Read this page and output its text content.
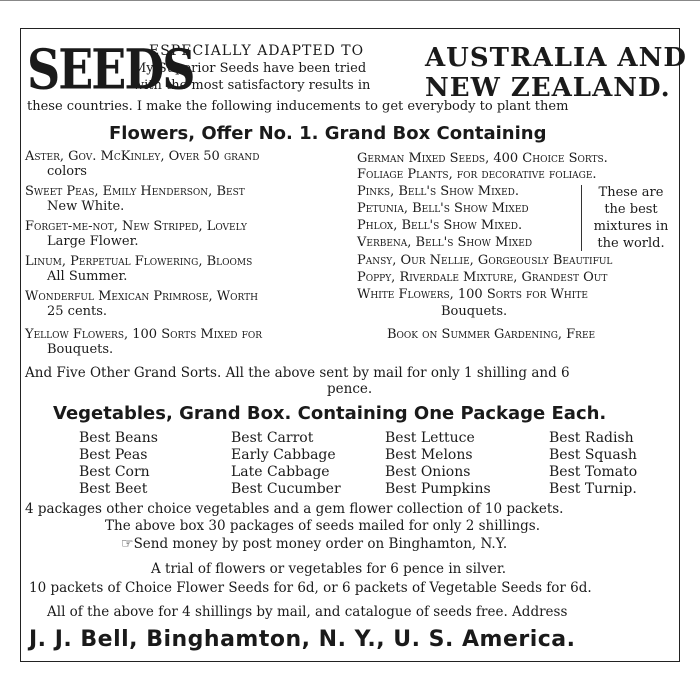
SEEDS
ESPECIALLY ADAPTED TO
My Superior Seeds have been tried
with the most satisfactory results in
AUSTRALIA AND
NEW ZEALAND.
these countries. I make the following inducements to get everybody to plant them
Flowers, Offer No. 1. Grand Box Containing
Aster, Gov. McKinley, Over 50 grand
colors
Sweet Peas, Emily Henderson, Best
New White.
Forget-me-not, New Striped, Lovely
Large Flower.
Linum, Perpetual Flowering, Blooms
All Summer.
Wonderful Mexican Primrose, Worth
25 cents.
Yellow Flowers, 100 Sorts Mixed for
Bouquets.
German Mixed Seeds, 400 Choice Sorts.
Foliage Plants, for decorative foliage.
Pinks, Bell's Show Mixed.
Petunia, Bell's Show Mixed
Phlox, Bell's Show Mixed.
Verbena, Bell's Show Mixed
These are
the best
mixtures in
the world.
Pansy, Our Nellie, Gorgeously Beautiful
Poppy, Riverdale Mixture, Grandest Out
White Flowers, 100 Sorts for White
Bouquets.
Book on Summer Gardening, Free
And Five Other Grand Sorts. All the above sent by mail for only 1 shilling and 6
pence.
Vegetables, Grand Box. Containing One Package Each.
Best Beans
Best Peas
Best Corn
Best Beet
Best Carrot
Early Cabbage
Late Cabbage
Best Cucumber
Best Lettuce
Best Melons
Best Onions
Best Pumpkins
Best Radish
Best Squash
Best Tomato
Best Turnip.
4 packages other choice vegetables and a gem flower collection of 10 packets.
The above box 30 packages of seeds mailed for only 2 shillings.
☞Send money by post money order on Binghamton, N.Y.
A trial of flowers or vegetables for 6 pence in silver.
10 packets of Choice Flower Seeds for 6d, or 6 packets of Vegetable Seeds for 6d.
All of the above for 4 shillings by mail, and catalogue of seeds free. Address
J. J. Bell, Binghamton, N. Y., U. S. America.
